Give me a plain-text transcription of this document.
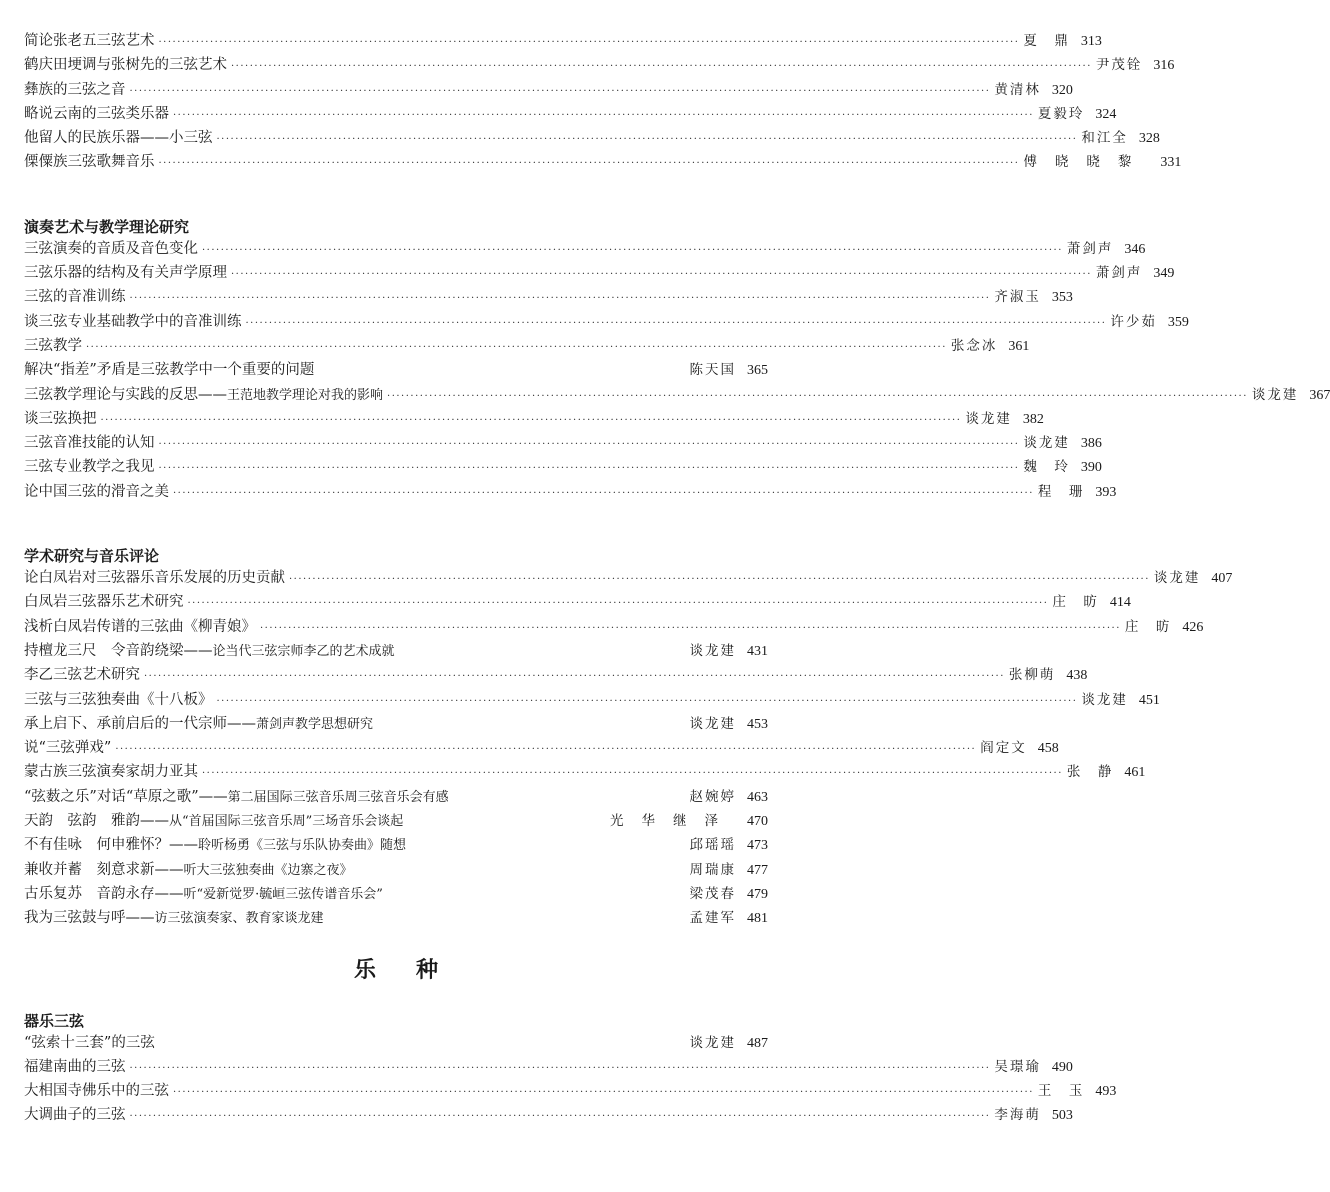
简论张老五三弦艺术 ·····	夏　鼎 313
鹤庆田埂调与张树先的三弦艺术 ·····	尹茂铨 316
彝族的三弦之音 ·····	黄清林 320
略说云南的三弦类乐器 ·····	夏毅玲 324
他留人的民族乐器——小三弦 ·····	和江全 328
傈僳族三弦歌舞音乐 ·····	傅晓晓黎 331
演奏艺术与教学理论研究
三弦演奏的音质及音色变化 ·····	萧剑声 346
三弦乐器的结构及有关声学原理 ·····	萧剑声 349
三弦的音准训练 ·····	齐淑玉 353
谈三弦专业基础教学中的音准训练 ·····	许少茹 359
三弦教学 ·····	张念冰 361
解决“指差”矛盾是三弦教学中一个重要的问题	陈天国 365
三弦教学理论与实践的反思——王范地教学理论对我的影响 ·····	谈龙建 367
谈三弦换把 ·····	谈龙建 382
三弦音准技能的认知 ·····	谈龙建 386
三弦专业教学之我见 ·····	魏　玲 390
论中国三弦的滑音之美 ·····	程　珊 393
学术研究与音乐评论
论白凤岩对三弦器乐音乐发展的历史贡献 ·····	谈龙建 407
白凤岩三弦器乐艺术研究 ·····	庄　昉 414
浅析白凤岩传谱的三弦曲《柳青娘》 ·····	庄　昉 426
持檀龙三尺　令音韵绕梁——论当代三弦宗师李乙的艺术成就	谈龙建 431
李乙三弦艺术研究 ·····	张柳萌 438
三弦与三弦独奏曲《十八板》 ·····	谈龙建 451
承上启下、承前启后的一代宗师——萧剑声教学思想研究	谈龙建 453
说“三弦弹戏” ·····	阎定文 458
蒙古族三弦演奏家胡力亚其 ·····	张　静 461
“弦薮之乐”对话“草原之歌”——第二届国际三弦音乐周三弦音乐会有感	赵婉婷 463
天韵　弦韵　雅韵——从“首届国际三弦音乐周”三场音乐会谈起	光华继泽 470
不有佳咏　何申雅怀？——聆听杨勇《三弦与乐队协奏曲》随想	邱瑶瑶 473
兼收并蓄　刻意求新——听大三弦独奏曲《边寨之夜》	周瑞康 477
古乐复苏　音韵永存——听“爱新觉罗·毓峘三弦传谱音乐会”	梁茂春 479
我为三弦鼓与呼——访三弦演奏家、教育家谈龙建	孟建军 481
乐种
器乐三弦
“弦索十三套”的三弦	谈龙建 487
福建南曲的三弦 ·····	吴璟瑜 490
大相国寺佛乐中的三弦 ·····	王　玉 493
大调曲子的三弦 ·····	李海萌 503
